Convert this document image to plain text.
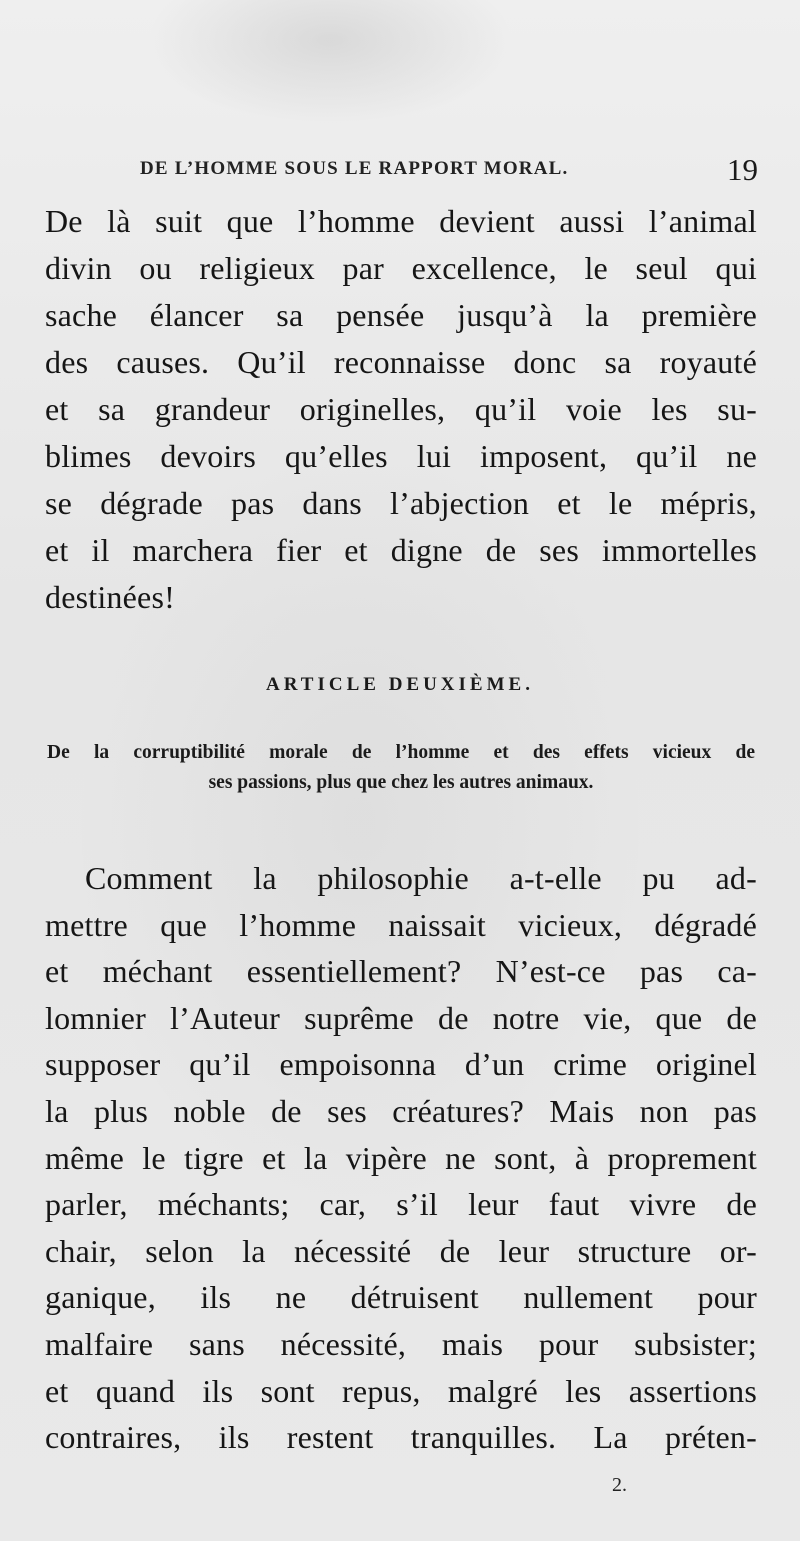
DE L’HOMME SOUS LE RAPPORT MORAL.	19
De là suit que l’homme devient aussi l’animal
divin ou religieux par excellence, le seul qui
sache élancer sa pensée jusqu’à la première
des causes. Qu’il reconnaisse donc sa royauté
et sa grandeur originelles, qu’il voie les su-
blimes devoirs qu’elles lui imposent, qu’il ne
se dégrade pas dans l’abjection et le mépris,
et il marchera fier et digne de ses immortelles
destinées!
ARTICLE DEUXIÈME.
De la corruptibilité morale de l’homme et des effets vicieux de
ses passions, plus que chez les autres animaux.
Comment la philosophie a-t-elle pu ad-
mettre que l’homme naissait vicieux, dégradé
et méchant essentiellement? N’est-ce pas ca-
lomnier l’Auteur suprême de notre vie, que de
supposer qu’il empoisonna d’un crime originel
la plus noble de ses créatures? Mais non pas
même le tigre et la vipère ne sont, à proprement
parler, méchants; car, s’il leur faut vivre de
chair, selon la nécessité de leur structure or-
ganique, ils ne détruisent nullement pour
malfaire sans nécessité, mais pour subsister;
et quand ils sont repus, malgré les assertions
contraires, ils restent tranquilles. La préten-
2.
